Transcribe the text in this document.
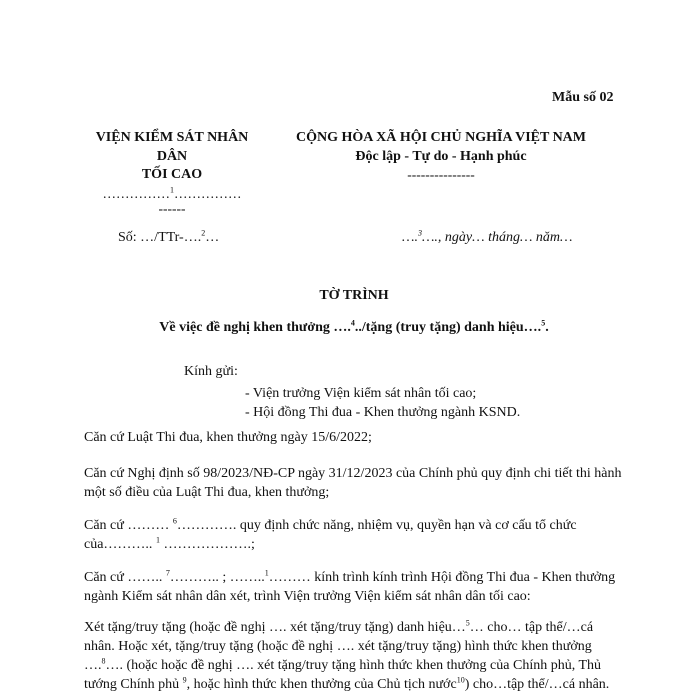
Mẫu số 02
VIỆN KIỂM SÁT NHÂN
DÂN
TỐI CAO
……………$^1$……………
------
Số: …/TTr-….$^2$…
CỘNG HÒA XÃ HỘI CHỦ NGHĨA VIỆT NAM
Độc lập - Tự do - Hạnh phúc
---------------
….$^3$…., ngày… tháng… năm…
TỜ TRÌNH
Về việc đề nghị khen thưởng ….$^4$../tặng (truy tặng) danh hiệu….$^5$.
Kính gửi:
- Viện trưởng Viện kiểm sát nhân tối cao;
- Hội đồng Thi đua - Khen thưởng ngành KSND.
Căn cứ Luật Thi đua, khen thưởng ngày 15/6/2022;
Căn cứ Nghị định số 98/2023/NĐ-CP ngày 31/12/2023 của Chính phủ quy định chi tiết thi hành một số điều của Luật Thi đua, khen thưởng;
Căn cứ ……… $^6$…………. quy định chức năng, nhiệm vụ, quyền hạn và cơ cấu tổ chức của……….. $^1$ ……………….;
Căn cứ …….. $^7$……….. ; ……..$^1$……… kính trình kính trình Hội đồng Thi đua - Khen thưởng ngành Kiểm sát nhân dân xét, trình Viện trưởng Viện kiểm sát nhân dân tối cao:
Xét tặng/truy tặng (hoặc đề nghị …. xét tặng/truy tặng) danh hiệu…$^5$… cho… tập thể/…cá nhân. Hoặc xét, tặng/truy tặng (hoặc đề nghị …. xét tặng/truy tặng) hình thức khen thưởng ….$^8$…. (hoặc hoặc đề nghị …. xét tặng/truy tặng hình thức khen thưởng của Chính phủ, Thủ tướng Chính phủ $^9$, hoặc hình thức khen thưởng của Chủ tịch nước$^{10}$) cho…tập thể/…cá nhân.
